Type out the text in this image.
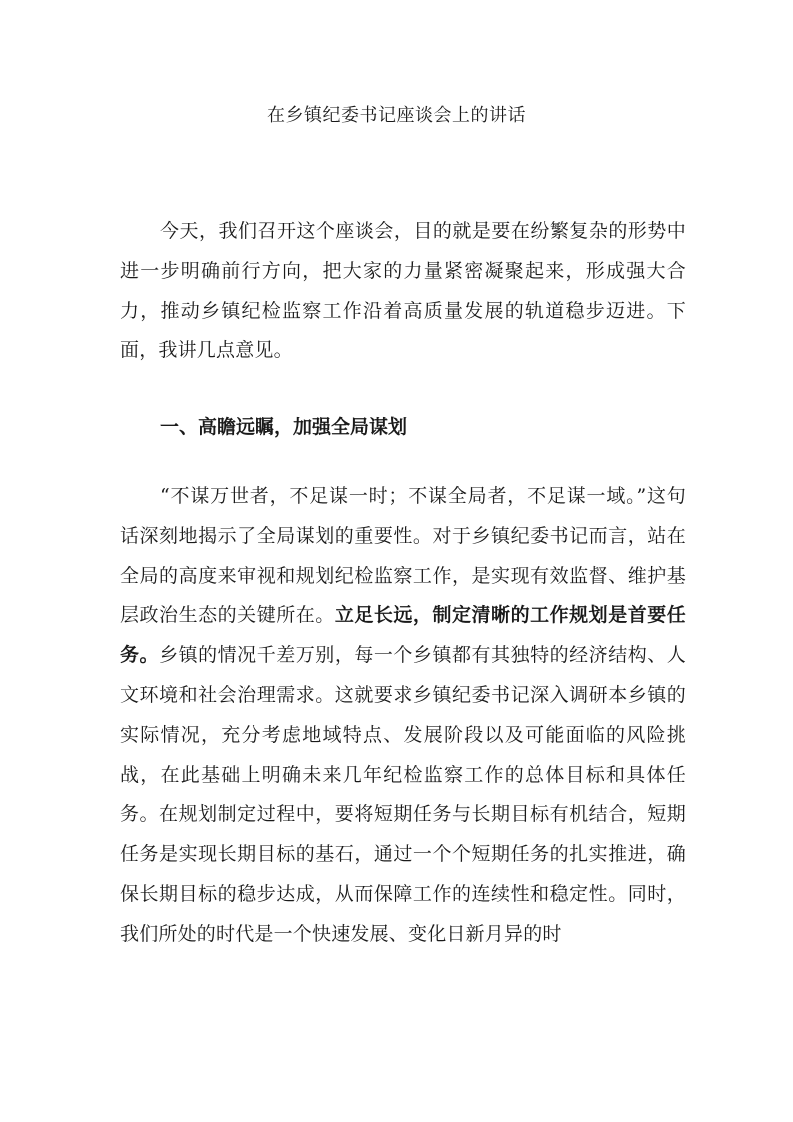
在乡镇纪委书记座谈会上的讲话

今天，我们召开这个座谈会，目的就是要在纷繁复杂的形势中进一步明确前行方向，把大家的力量紧密凝聚起来，形成强大合力，推动乡镇纪检监察工作沿着高质量发展的轨道稳步迈进。下面，我讲几点意见。

一、高瞻远瞩，加强全局谋划

“不谋万世者，不足谋一时；不谋全局者，不足谋一域。”这句话深刻地揭示了全局谋划的重要性。对于乡镇纪委书记而言，站在全局的高度来审视和规划纪检监察工作，是实现有效监督、维护基层政治生态的关键所在。立足长远，制定清晰的工作规划是首要任务。乡镇的情况千差万别，每一个乡镇都有其独特的经济结构、人文环境和社会治理需求。这就要求乡镇纪委书记深入调研本乡镇的实际情况，充分考虑地域特点、发展阶段以及可能面临的风险挑战，在此基础上明确未来几年纪检监察工作的总体目标和具体任务。在规划制定过程中，要将短期任务与长期目标有机结合，短期任务是实现长期目标的基石，通过一个个短期任务的扎实推进，确保长期目标的稳步达成，从而保障工作的连续性和稳定性。同时，我们所处的时代是一个快速发展、变化日新月异的时
